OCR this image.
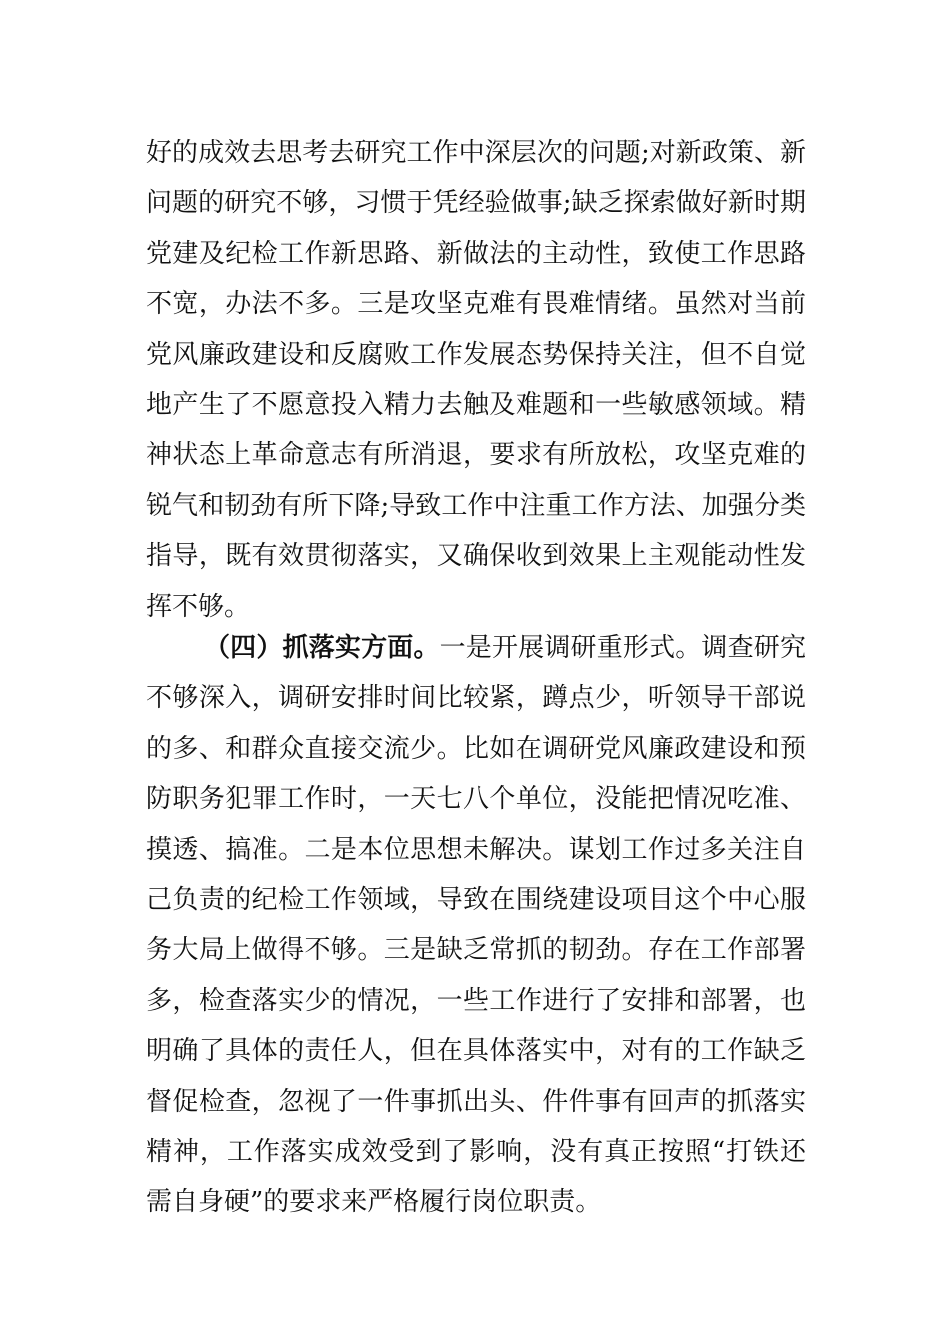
好的成效去思考去研究工作中深层次的问题;对新政策、新
问题的研究不够，习惯于凭经验做事;缺乏探索做好新时期
党建及纪检工作新思路、新做法的主动性，致使工作思路
不宽，办法不多。三是攻坚克难有畏难情绪。虽然对当前
党风廉政建设和反腐败工作发展态势保持关注，但不自觉
地产生了不愿意投入精力去触及难题和一些敏感领域。精
神状态上革命意志有所消退，要求有所放松，攻坚克难的
锐气和韧劲有所下降;导致工作中注重工作方法、加强分类
指导，既有效贯彻落实，又确保收到效果上主观能动性发
挥不够。
（四）抓落实方面。一是开展调研重形式。调查研究
不够深入，调研安排时间比较紧，蹲点少，听领导干部说
的多、和群众直接交流少。比如在调研党风廉政建设和预
防职务犯罪工作时，一天七八个单位，没能把情况吃准、
摸透、搞准。二是本位思想未解决。谋划工作过多关注自
己负责的纪检工作领域，导致在围绕建设项目这个中心服
务大局上做得不够。三是缺乏常抓的韧劲。存在工作部署
多，检查落实少的情况，一些工作进行了安排和部署，也
明确了具体的责任人，但在具体落实中，对有的工作缺乏
督促检查，忽视了一件事抓出头、件件事有回声的抓落实
精神，工作落实成效受到了影响，没有真正按照“打铁还
需自身硬”的要求来严格履行岗位职责。
